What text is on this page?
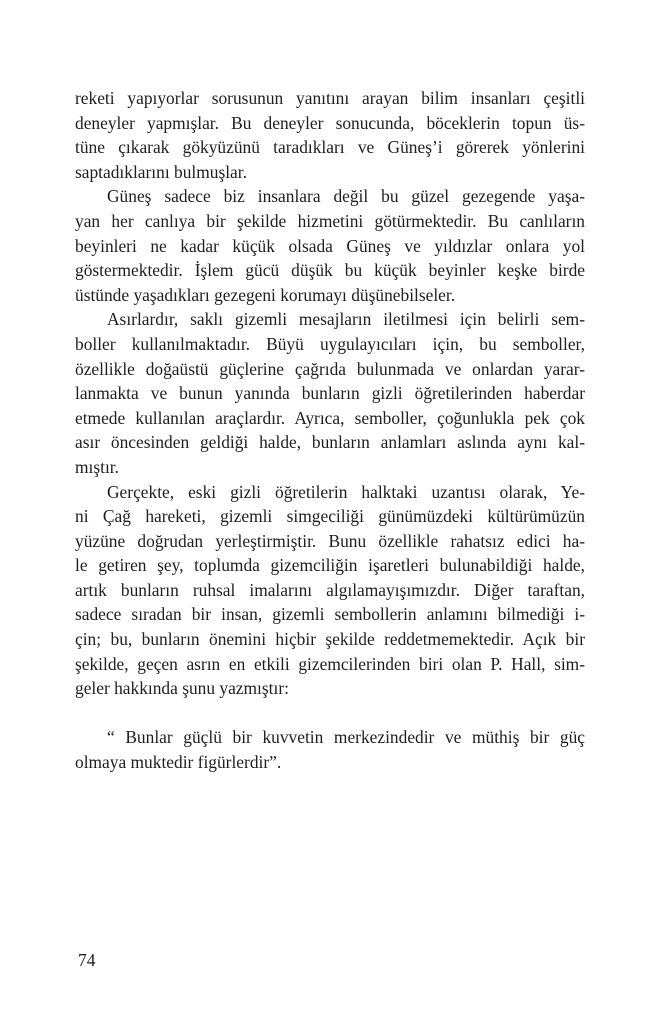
reketi yapıyorlar sorusunun yanıtını arayan bilim insanları çeşitli
deneyler yapmışlar. Bu deneyler sonucunda, böceklerin topun üs-
tüne çıkarak gökyüzünü taradıkları ve Güneş’i görerek yönlerini
saptadıklarını bulmuşlar.

Güneş sadece biz insanlara değil bu güzel gezegende yaşa-
yan her canlıya bir şekilde hizmetini götürmektedir. Bu canlıların
beyinleri ne kadar küçük olsada Güneş ve yıldızlar onlara yol
göstermektedir. İşlem gücü düşük bu küçük beyinler keşke birde
üstünde yaşadıkları gezegeni korumayı düşünebilseler.

Asırlardır, saklı gizemli mesajların iletilmesi için belirli sem-
boller kullanılmaktadır. Büyü uygulayıcıları için, bu semboller,
özellikle doğaüstü güçlerine çağrıda bulunmada ve onlardan yarar-
lanmakta ve bunun yanında bunların gizli öğretilerinden haberdar
etmede kullanılan araçlardır. Ayrıca, semboller, çoğunlukla pek çok
asır öncesinden geldiği halde, bunların anlamları aslında aynı kal-
mıştır.

Gerçekte, eski gizli öğretilerin halktaki uzantısı olarak, Ye-
ni Çağ hareketi, gizemli simgeciliği günümüzdeki kültürümüzün
yüzüne doğrudan yerleştirmiştir. Bunu özellikle rahatsız edici ha-
le getiren şey, toplumda gizemciliğin işaretleri bulunabildiği halde,
artık bunların ruhsal imalarını algılamayışımızdır. Diğer taraftan,
sadece sıradan bir insan, gizemli sembollerin anlamını bilmediği i-
çin; bu, bunların önemini hiçbir şekilde reddetmemektedir. Açık bir
şekilde, geçen asrın en etkili gizemcilerinden biri olan P. Hall, sim-
geler hakkında şunu yazmıştır:

“ Bunlar güçlü bir kuvvetin merkezindedir ve müthiş bir güç
olmaya muktedir figürlerdir”.

74
